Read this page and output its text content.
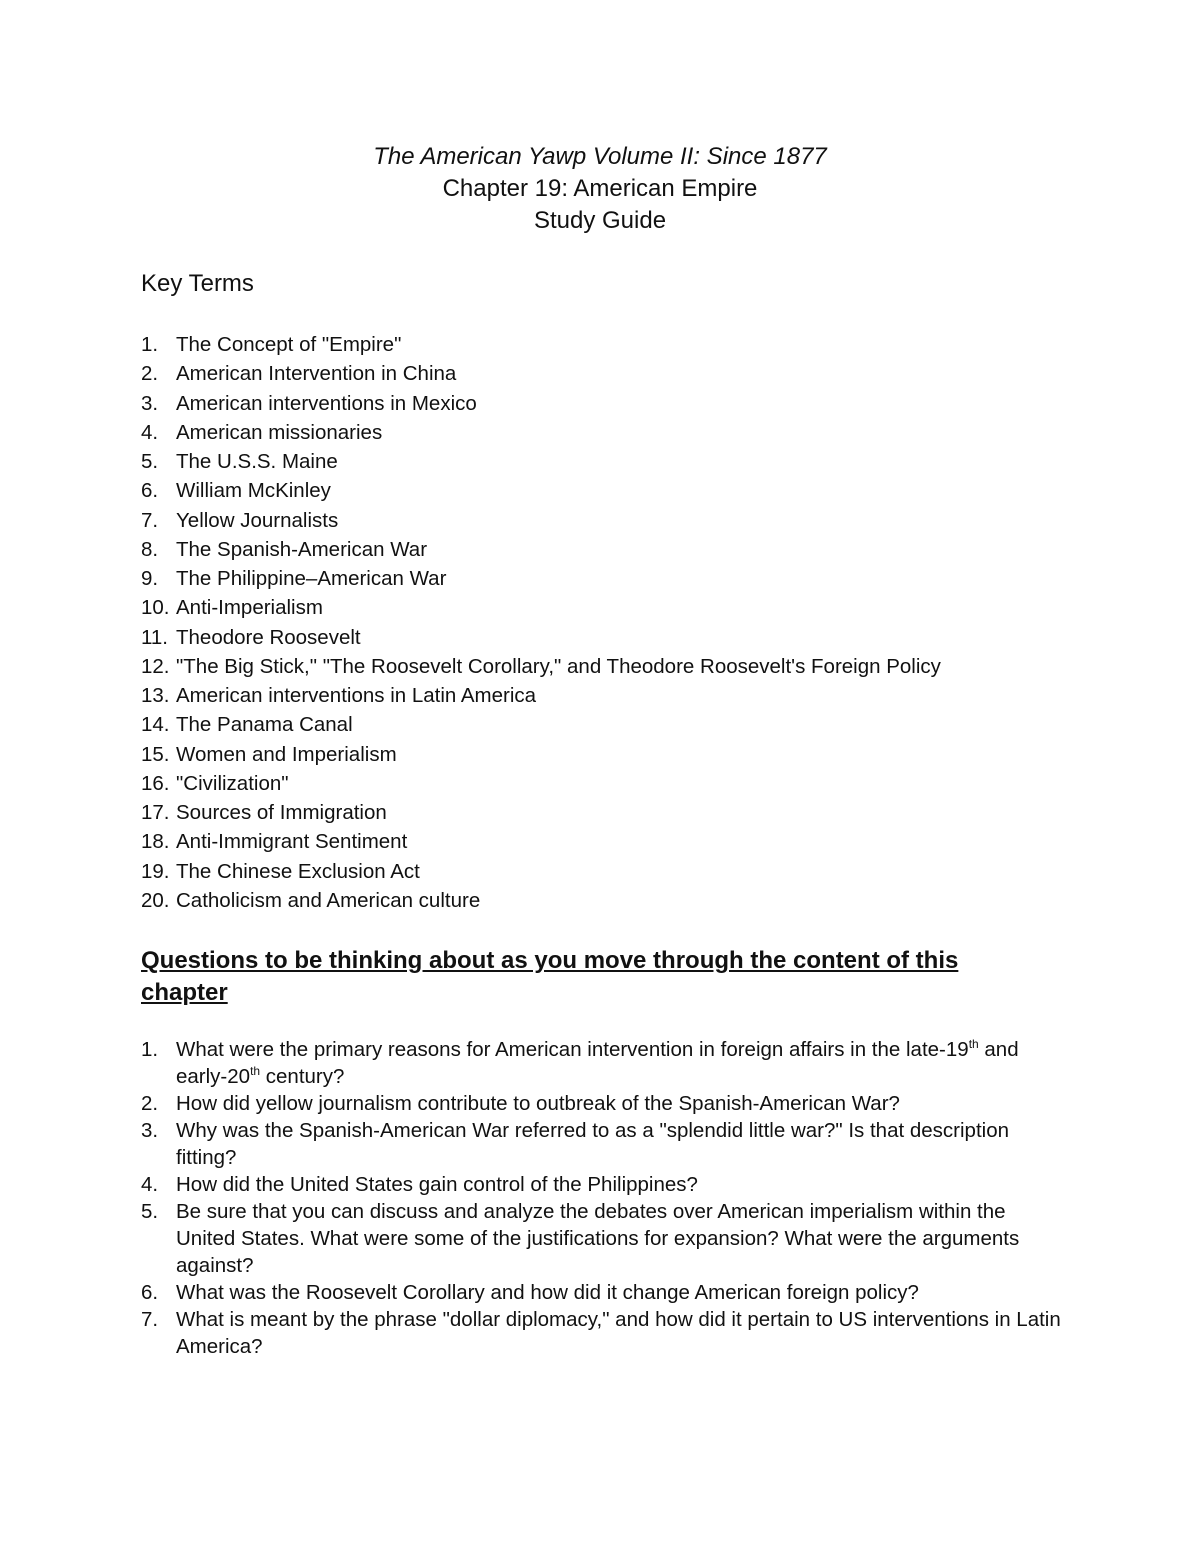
The American Yawp Volume II: Since 1877
Chapter 19: American Empire
Study Guide
Key Terms
1. The Concept of "Empire"
2. American Intervention in China
3. American interventions in Mexico
4. American missionaries
5. The U.S.S. Maine
6. William McKinley
7. Yellow Journalists
8. The Spanish-American War
9. The Philippine–American War
10. Anti-Imperialism
11. Theodore Roosevelt
12. "The Big Stick," "The Roosevelt Corollary," and Theodore Roosevelt's Foreign Policy
13. American interventions in Latin America
14. The Panama Canal
15. Women and Imperialism
16. "Civilization"
17. Sources of Immigration
18. Anti-Immigrant Sentiment
19. The Chinese Exclusion Act
20. Catholicism and American culture
Questions to be thinking about as you move through the content of this chapter
1. What were the primary reasons for American intervention in foreign affairs in the late-19th and early-20th century?
2. How did yellow journalism contribute to outbreak of the Spanish-American War?
3. Why was the Spanish-American War referred to as a "splendid little war?" Is that description fitting?
4. How did the United States gain control of the Philippines?
5. Be sure that you can discuss and analyze the debates over American imperialism within the United States. What were some of the justifications for expansion? What were the arguments against?
6. What was the Roosevelt Corollary and how did it change American foreign policy?
7. What is meant by the phrase "dollar diplomacy," and how did it pertain to US interventions in Latin America?
